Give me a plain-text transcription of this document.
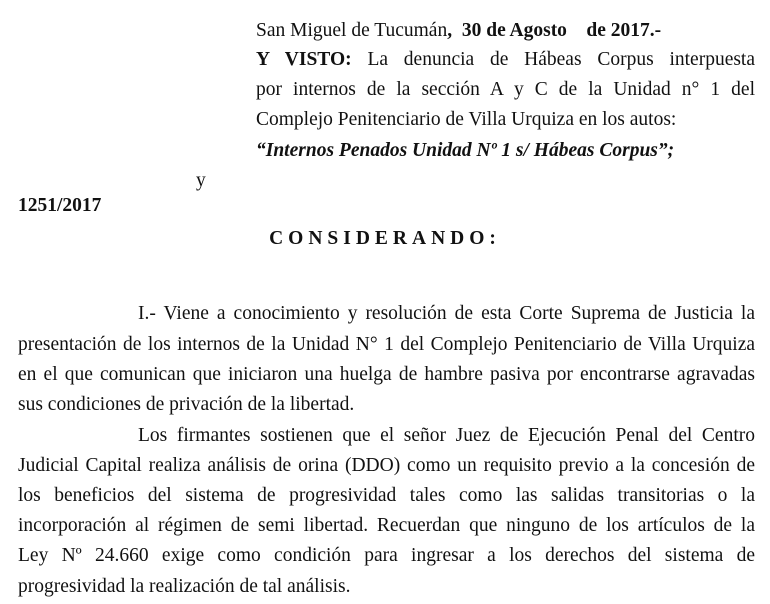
San Miguel de Tucumán,  30 de Agosto    de 2017.-
Y VISTO: La denuncia de Hábeas Corpus interpuesta
por internos de la sección A y C de la Unidad n° 1 del
Complejo Penitenciario de Villa Urquiza en los autos:
“Internos Penados Unidad Nº 1 s/ Hábeas Corpus”;
y
1251/2017
CONSIDERANDO:
I.- Viene a conocimiento y resolución de esta Corte Suprema de Justicia la
presentación de los internos de la Unidad N° 1 del Complejo Penitenciario de Villa Urquiza
en el que comunican que iniciaron una huelga de hambre pasiva por encontrarse agravadas
sus condiciones de privación de la libertad.
Los firmantes sostienen que el señor Juez de Ejecución Penal del Centro
Judicial Capital realiza análisis de orina (DDO) como un requisito previo a la concesión de
los beneficios del sistema de progresividad tales como las salidas transitorias o la
incorporación al régimen de semi libertad. Recuerdan que ninguno de los artículos de la
Ley Nº 24.660 exige como condición para ingresar a los derechos del sistema de
progresividad la realización de tal análisis.
